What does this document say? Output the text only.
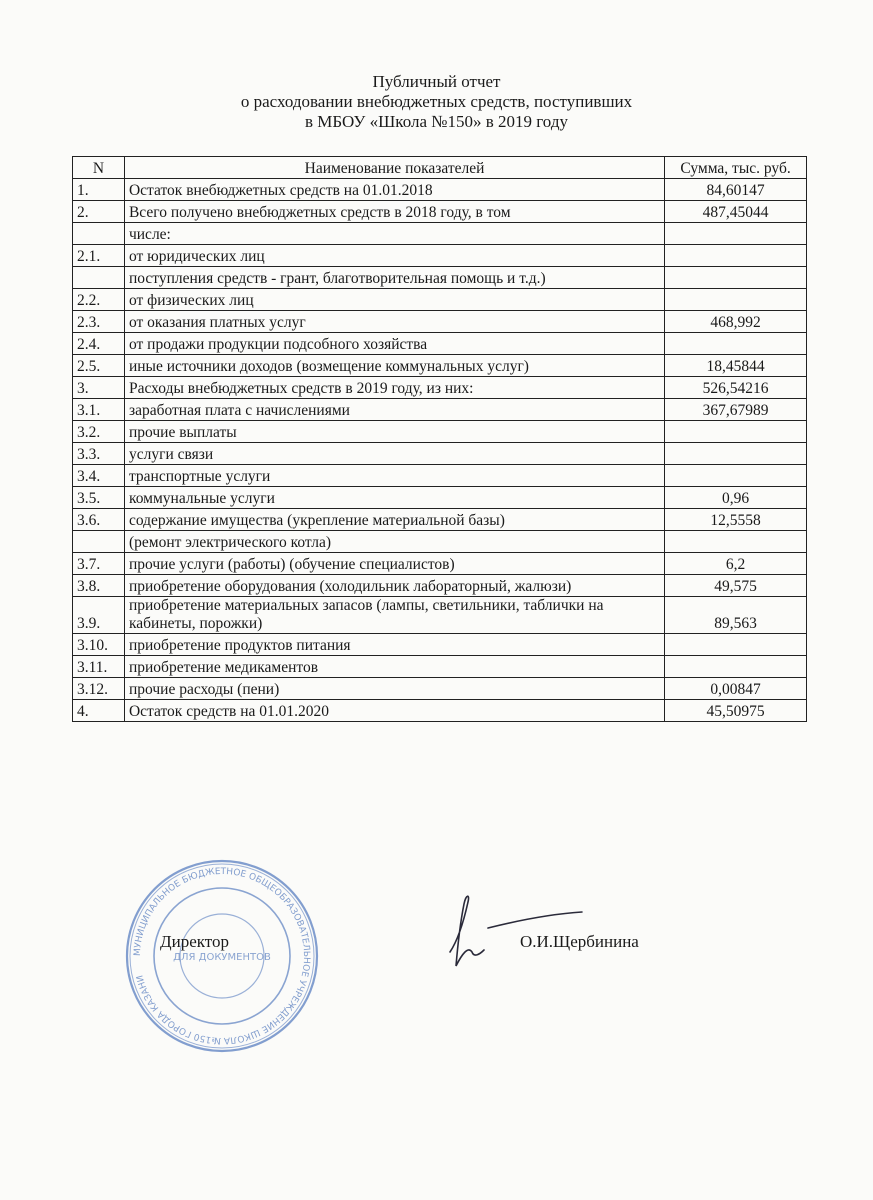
Публичный отчет
о расходовании внебюджетных средств, поступивших
в МБОУ «Школа №150» в 2019 году
N	Наименование показателей	Сумма, тыс. руб.
1.	Остаток внебюджетных средств на 01.01.2018	84,60147
2.	Всего получено внебюджетных средств в 2018 году, в том	487,45044
	числе:	
2.1.	от юридических лиц	
	поступления средств - грант, благотворительная помощь и т.д.)	
2.2.	от физических лиц	
2.3.	от оказания платных услуг	468,992
2.4.	от продажи продукции подсобного хозяйства	
2.5.	иные источники доходов (возмещение коммунальных услуг)	18,45844
3.	Расходы внебюджетных средств в 2019 году, из них:	526,54216
3.1.	заработная плата с начислениями	367,67989
3.2.	прочие выплаты	
3.3.	услуги связи	
3.4.	транспортные услуги	
3.5.	коммунальные услуги	0,96
3.6.	содержание имущества (укрепление материальной базы)	12,5558
	(ремонт электрического котла)	
3.7.	прочие услуги (работы) (обучение специалистов)	6,2
3.8.	приобретение оборудования (холодильник лабораторный, жалюзи)	49,575
3.9.	приобретение материальных запасов (лампы, светильники, таблички на кабинеты, порожки)	89,563
3.10.	приобретение продуктов питания	
3.11.	приобретение медикаментов	
3.12.	прочие расходы (пени)	0,00847
4.	Остаток средств на 01.01.2020	45,50975
МУНИЦИПАЛЬНОЕ БЮДЖЕТНОЕ ОБЩЕОБРАЗОВАТЕЛЬНОЕ УЧРЕЖДЕНИЕ ШКОЛА №150 ГОРОДА КАЗАНИ
ДЛЯ ДОКУМЕНТОВ
Директор	О.И.Щербинина
